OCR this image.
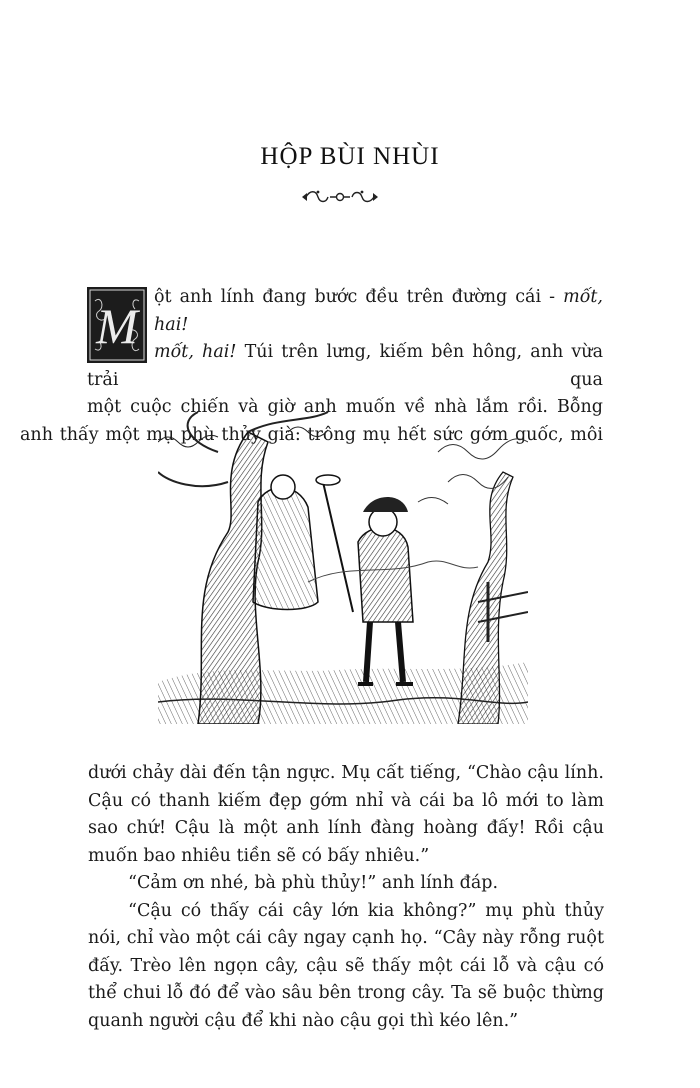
HỘP BÙI NHÙI
M
ột anh lính đang bước đều trên đường cái - mốt, hai!
mốt, hai! Túi trên lưng, kiếm bên hông, anh vừa trải qua
một cuộc chiến và giờ anh muốn về nhà lắm rồi. Bỗng
anh thấy một mụ phù thủy già: trông mụ hết sức gớm guốc, môi

dưới chảy dài đến tận ngực. Mụ cất tiếng, “Chào cậu lính. Cậu có thanh kiếm đẹp gớm nhỉ và cái ba lô mới to làm sao chứ! Cậu là một anh lính đàng hoàng đấy! Rồi cậu muốn bao nhiêu tiền sẽ có bấy nhiêu.”

“Cảm ơn nhé, bà phù thủy!” anh lính đáp.

“Cậu có thấy cái cây lớn kia không?” mụ phù thủy nói, chỉ vào một cái cây ngay cạnh họ. “Cây này rỗng ruột đấy. Trèo lên ngọn cây, cậu sẽ thấy một cái lỗ và cậu có thể chui lỗ đó để vào sâu bên trong cây. Ta sẽ buộc thừng quanh người cậu để khi nào cậu gọi thì kéo lên.”
